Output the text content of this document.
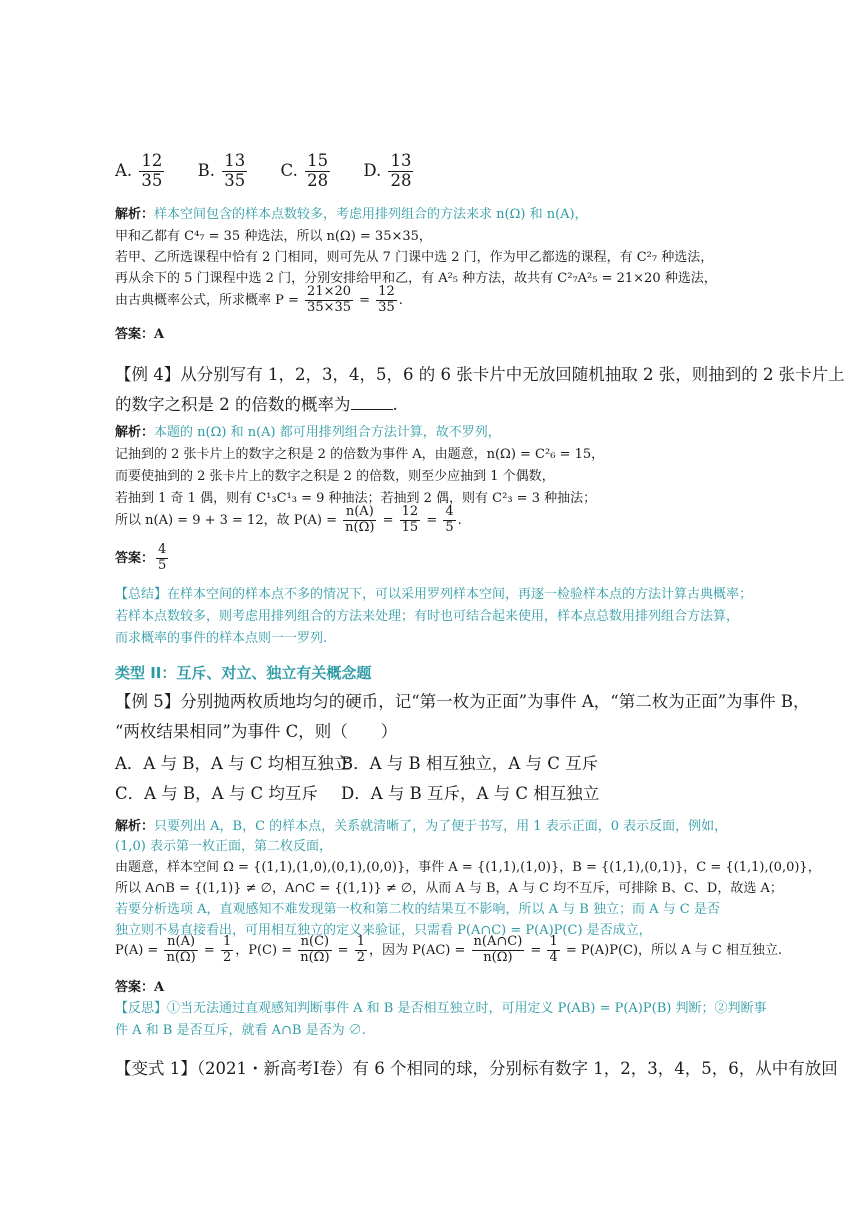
A. $\frac{12}{35} B$. $\frac{13}{35} C$. $\frac{15}{28} D$. $\frac{13}{28}$
解析：样本空间包含的样本点数较多，考虑用排列组合的方法来求 n(Ω) 和 n(A)，
甲和乙都有 C⁴₇ = 35 种选法，所以 n(Ω) = 35×35，
若甲、乙所选课程中恰有 2 门相同，则可先从 7 门课中选 2 门，作为甲乙都选的课程，有 C²₇ 种选法，
再从余下的 5 门课程中选 2 门，分别安排给甲和乙，有 A²₅ 种方法，故共有 C²₇A²₅ = 21×20 种选法，
由古典概率公式，所求概率 $P = \frac{21\times 20}{35\times 35} = \frac{12}{35}$ .
答案：A
【例 4】从分别写有 1，2，3，4，5，6 的 6 张卡片中无放回随机抽取 2 张，则抽到的 2 张卡片上
的数字之积是 2 的倍数的概率为	.
解析：本题的 n(Ω) 和 n(A) 都可用排列组合方法计算，故不罗列，
记抽到的 2 张卡片上的数字之积是 2 的倍数为事件 A，由题意，n(Ω) = C²₆ = 15，
而要使抽到的 2 张卡片上的数字之积是 2 的倍数，则至少应抽到 1 个偶数，
若抽到 1 奇 1 偶，则有 C¹₃C¹₃ = 9 种抽法；若抽到 2 偶，则有 C²₃ = 3 种抽法；
所以 n(A) = 9 + 3 = 12，故 $P(A) = \frac{n(A)}{n(\Omega)} = \frac{12}{15} = \frac{4}{5}$ .
答案： $\frac{4}{5}$
【总结】在样本空间的样本点不多的情况下，可以采用罗列样本空间，再逐一检验样本点的方法计算古典概率；
若样本点数较多，则考虑用排列组合的方法来处理；有时也可结合起来使用，样本点总数用排列组合方法算，
而求概率的事件的样本点则一一罗列.
类型 II：互斥、对立、独立有关概念题
【例 5】分别抛两枚质地均匀的硬币，记“第一枚为正面”为事件 A，“第二枚为正面”为事件 B，
“两枚结果相同”为事件 C，则（　　）
A．A 与 B，A 与 C 均相互独立
B．A 与 B 相互独立，A 与 C 互斥
C．A 与 B，A 与 C 均互斥 D．A 与 B 互斥，A 与 C 相互独立
解析：只要列出 A，B，C 的样本点，关系就清晰了，为了便于书写，用 1 表示正面，0 表示反面，例如，
(1,0) 表示第一枚正面，第二枚反面，
由题意，样本空间 Ω = {(1,1),(1,0),(0,1),(0,0)}，事件 A = {(1,1),(1,0)}，B = {(1,1),(0,1)}，C = {(1,1),(0,0)}，
所以 A∩B = {(1,1)} ≠ ∅，A∩C = {(1,1)} ≠ ∅，从而 A 与 B，A 与 C 均不互斥，可排除 B、C、D，故选 A；
若要分析选项 A，直观感知不难发现第一枚和第二枚的结果互不影响，所以 A 与 B 独立；而 A 与 C 是否
独立则不易直接看出，可用相互独立的定义来验证，只需看 P(A∩C) = P(A)P(C) 是否成立，
$P(A) = \frac{n(A)}{n(\Omega)} = \frac{1}{2}$ ，$P(C) = \frac{n(C)}{n(\Omega)} = \frac{1}{2}$ ，因为 $P(AC) = \frac{n(A\cap C)}{n(\Omega)} = \frac{1}{4} = P(A)P(C)$，所以 A 与 C 相互独立.
答案：A
【反思】①当无法通过直观感知判断事件 A 和 B 是否相互独立时，可用定义 P(AB) = P(A)P(B) 判断；②判断事
件 A 和 B 是否互斥，就看 A∩B 是否为 ∅.
【变式 1】（2021・新高考Ⅰ卷）有 6 个相同的球，分别标有数字 1，2，3，4，5，6，从中有放回
